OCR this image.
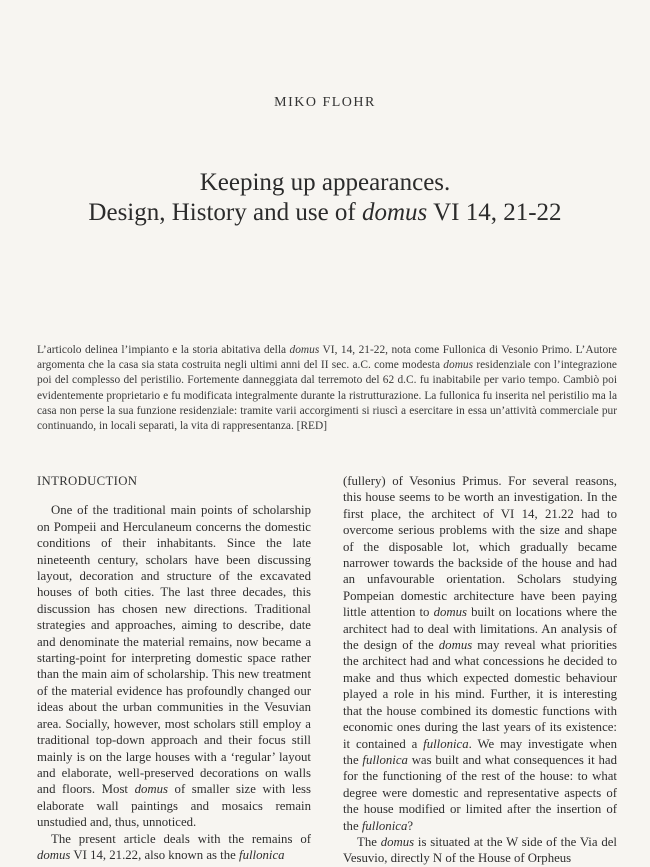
MIKO FLOHR
Keeping up appearances.
Design, History and use of domus VI 14, 21-22
L’articolo delinea l’impianto e la storia abitativa della domus VI, 14, 21-22, nota come Fullonica di Vesonio Primo. L’Autore argomenta che la casa sia stata costruita negli ultimi anni del II sec. a.C. come modesta domus residenziale con l’integrazione poi del complesso del peristilio. Fortemente danneggiata dal terremoto del 62 d.C. fu inabitabile per vario tempo. Cambiò poi evidentemente proprietario e fu modificata integralmente durante la ristrutturazione. La fullonica fu inserita nel peristilio ma la casa non perse la sua funzione residenziale: tramite varii accorgimenti si riuscì a esercitare in essa un’attività commerciale pur continuando, in locali separati, la vita di rappresentanza. [RED]
INTRODUCTION

One of the traditional main points of scholarship on Pompeii and Herculaneum concerns the domestic conditions of their inhabitants. Since the late nineteenth century, scholars have been discussing layout, decoration and structure of the excavated houses of both cities. The last three decades, this discussion has chosen new directions. Traditional strategies and approaches, aiming to describe, date and denominate the material remains, now became a starting-point for interpreting domestic space rather than the main aim of scholarship. This new treatment of the material evidence has profoundly changed our ideas about the urban communities in the Vesuvian area. Socially, however, most scholars still employ a traditional top-down approach and their focus still mainly is on the large houses with a ‘regular’ layout and elaborate, well-preserved decorations on walls and floors. Most domus of smaller size with less elaborate wall paintings and mosaics remain unstudied and, thus, unnoticed.

The present article deals with the remains of domus VI 14, 21.22, also known as the fullonica

(fullery) of Vesonius Primus. For several reasons, this house seems to be worth an investigation. In the first place, the architect of VI 14, 21.22 had to overcome serious problems with the size and shape of the disposable lot, which gradually became narrower towards the backside of the house and had an unfavourable orientation. Scholars studying Pompeian domestic architecture have been paying little attention to domus built on locations where the architect had to deal with limitations. An analysis of the design of the domus may reveal what priorities the architect had and what concessions he decided to make and thus which expected domestic behaviour played a role in his mind. Further, it is interesting that the house combined its domestic functions with economic ones during the last years of its existence: it contained a fullonica. We may investigate when the fullonica was built and what consequences it had for the functioning of the rest of the house: to what degree were domestic and representative aspects of the house modified or limited after the insertion of the fullonica?

The domus is situated at the W side of the Via del Vesuvio, directly N of the House of Orpheus
